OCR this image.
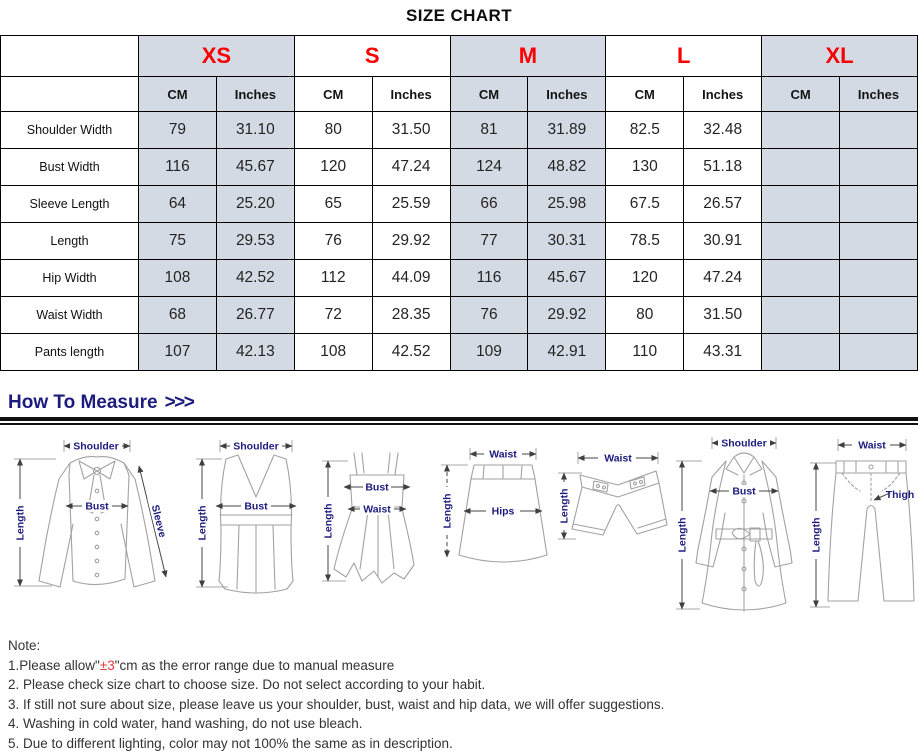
SIZE CHART
	XS		S		M		L		XL	
	CM	Inches	CM	Inches	CM	Inches	CM	Inches	CM	Inches
Shoulder Width	79	31.10	80	31.50	81	31.89	82.5	32.48		
Bust Width	116	45.67	120	47.24	124	48.82	130	51.18		
Sleeve Length	64	25.20	65	25.59	66	25.98	67.5	26.57		
Length	75	29.53	76	29.92	77	30.31	78.5	30.91		
Hip Width	108	42.52	112	44.09	116	45.67	120	47.24		
Waist Width	68	26.77	72	28.35	76	29.92	80	31.50		
Pants length	107	42.13	108	42.52	109	42.91	110	43.31		
How To Measure >>>
Shoulder
Length	Bust	Sleeve
Shoulder
Length	Bust	Length
Bust
Waist
Waist
Hips
Length
Waist
Length
Shoulder
Length
Bust
Waist
Length
Thigh
Note:
1.Please allow"±3"cm as the error range due to manual measure
2. Please check size chart to choose size. Do not select according to your habit.
3. If still not sure about size, please leave us your shoulder, bust, waist and hip data, we will offer suggestions.
4. Washing in cold water, hand washing, do not use bleach.
5. Due to different lighting, color may not 100% the same as in description.
